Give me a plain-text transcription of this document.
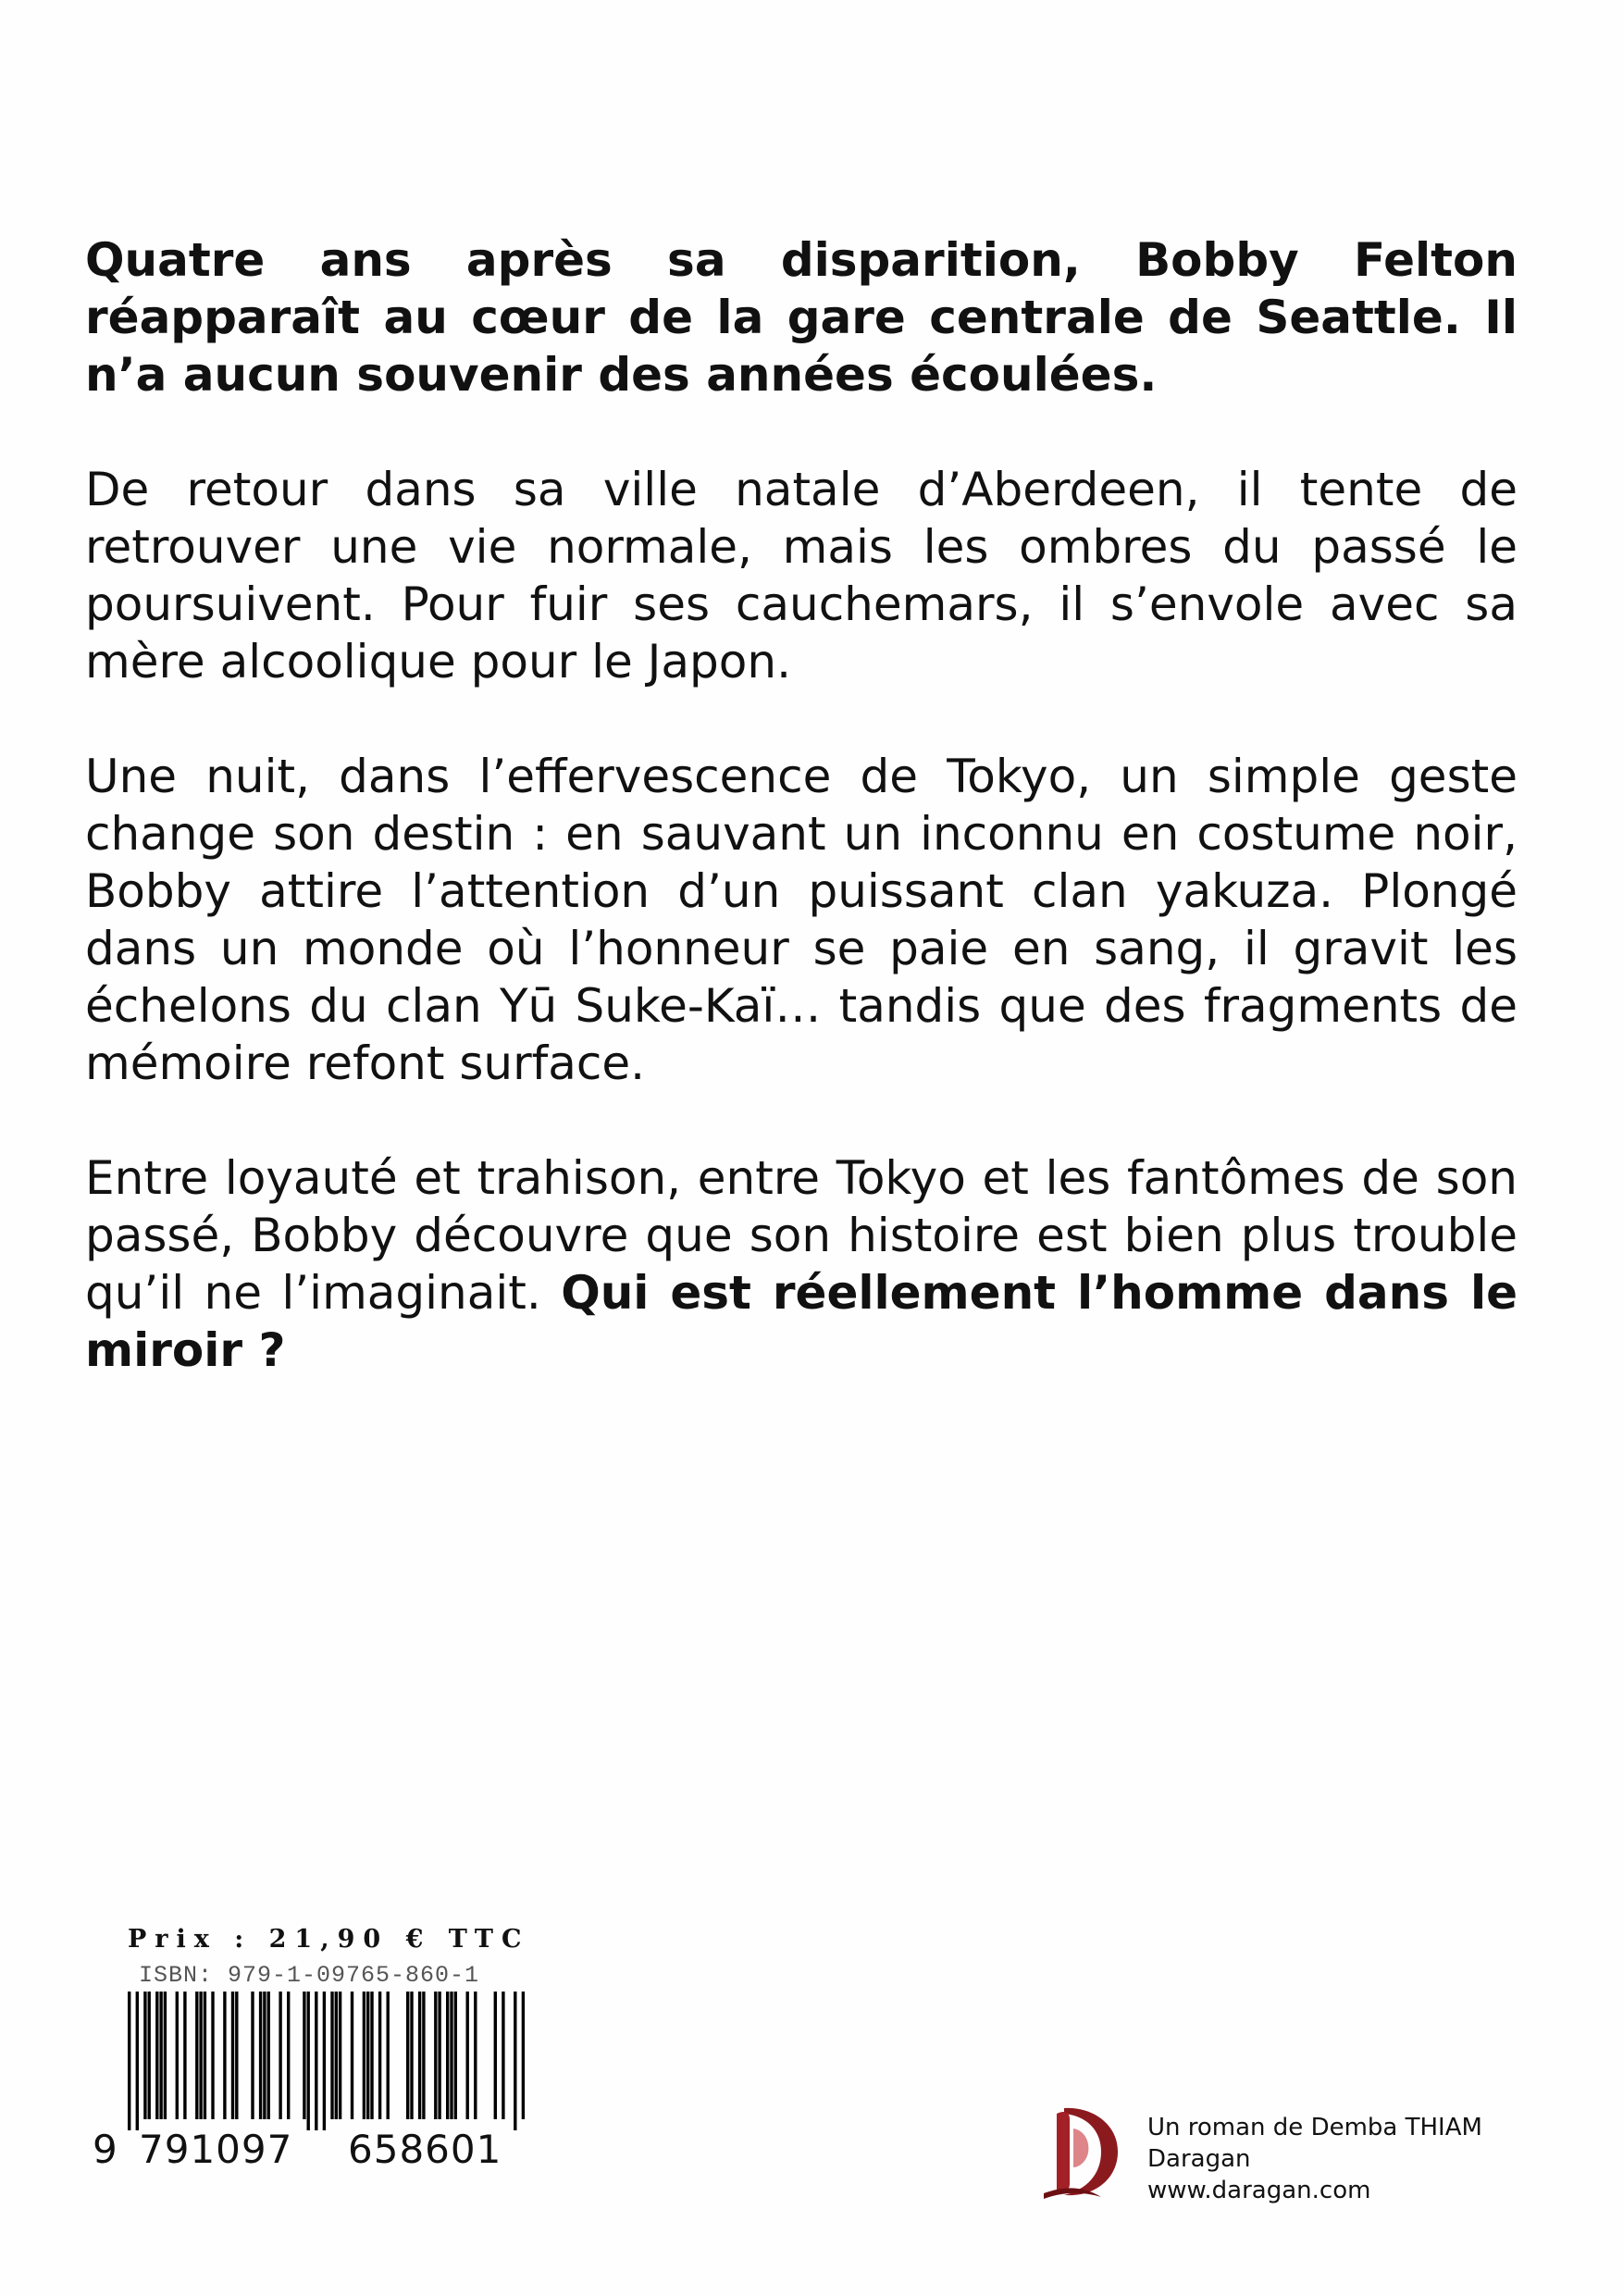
Quatre ans après sa disparition, Bobby Felton réapparaît au cœur de la gare centrale de Seattle. Il n’a aucun souvenir des années écoulées.

De retour dans sa ville natale d’Aberdeen, il tente de retrouver une vie normale, mais les ombres du passé le poursuivent. Pour fuir ses cauchemars, il s’envole avec sa mère alcoolique pour le Japon.

Une nuit, dans l’effervescence de Tokyo, un simple geste change son destin : en sauvant un inconnu en costume noir, Bobby attire l’attention d’un puissant clan yakuza. Plongé dans un monde où l’honneur se paie en sang, il gravit les échelons du clan Yū Suke-Kaï… tandis que des fragments de mémoire refont surface.

Entre loyauté et trahison, entre Tokyo et les fantômes de son passé, Bobby découvre que son histoire est bien plus trouble qu’il ne l’imaginait. Qui est réellement l’homme dans le miroir ?

Prix : 21,90 € TTC
ISBN: 979-1-09765-860-1
9 791097 658601	Un roman de Demba THIAM
Daragan
www.daragan.com
